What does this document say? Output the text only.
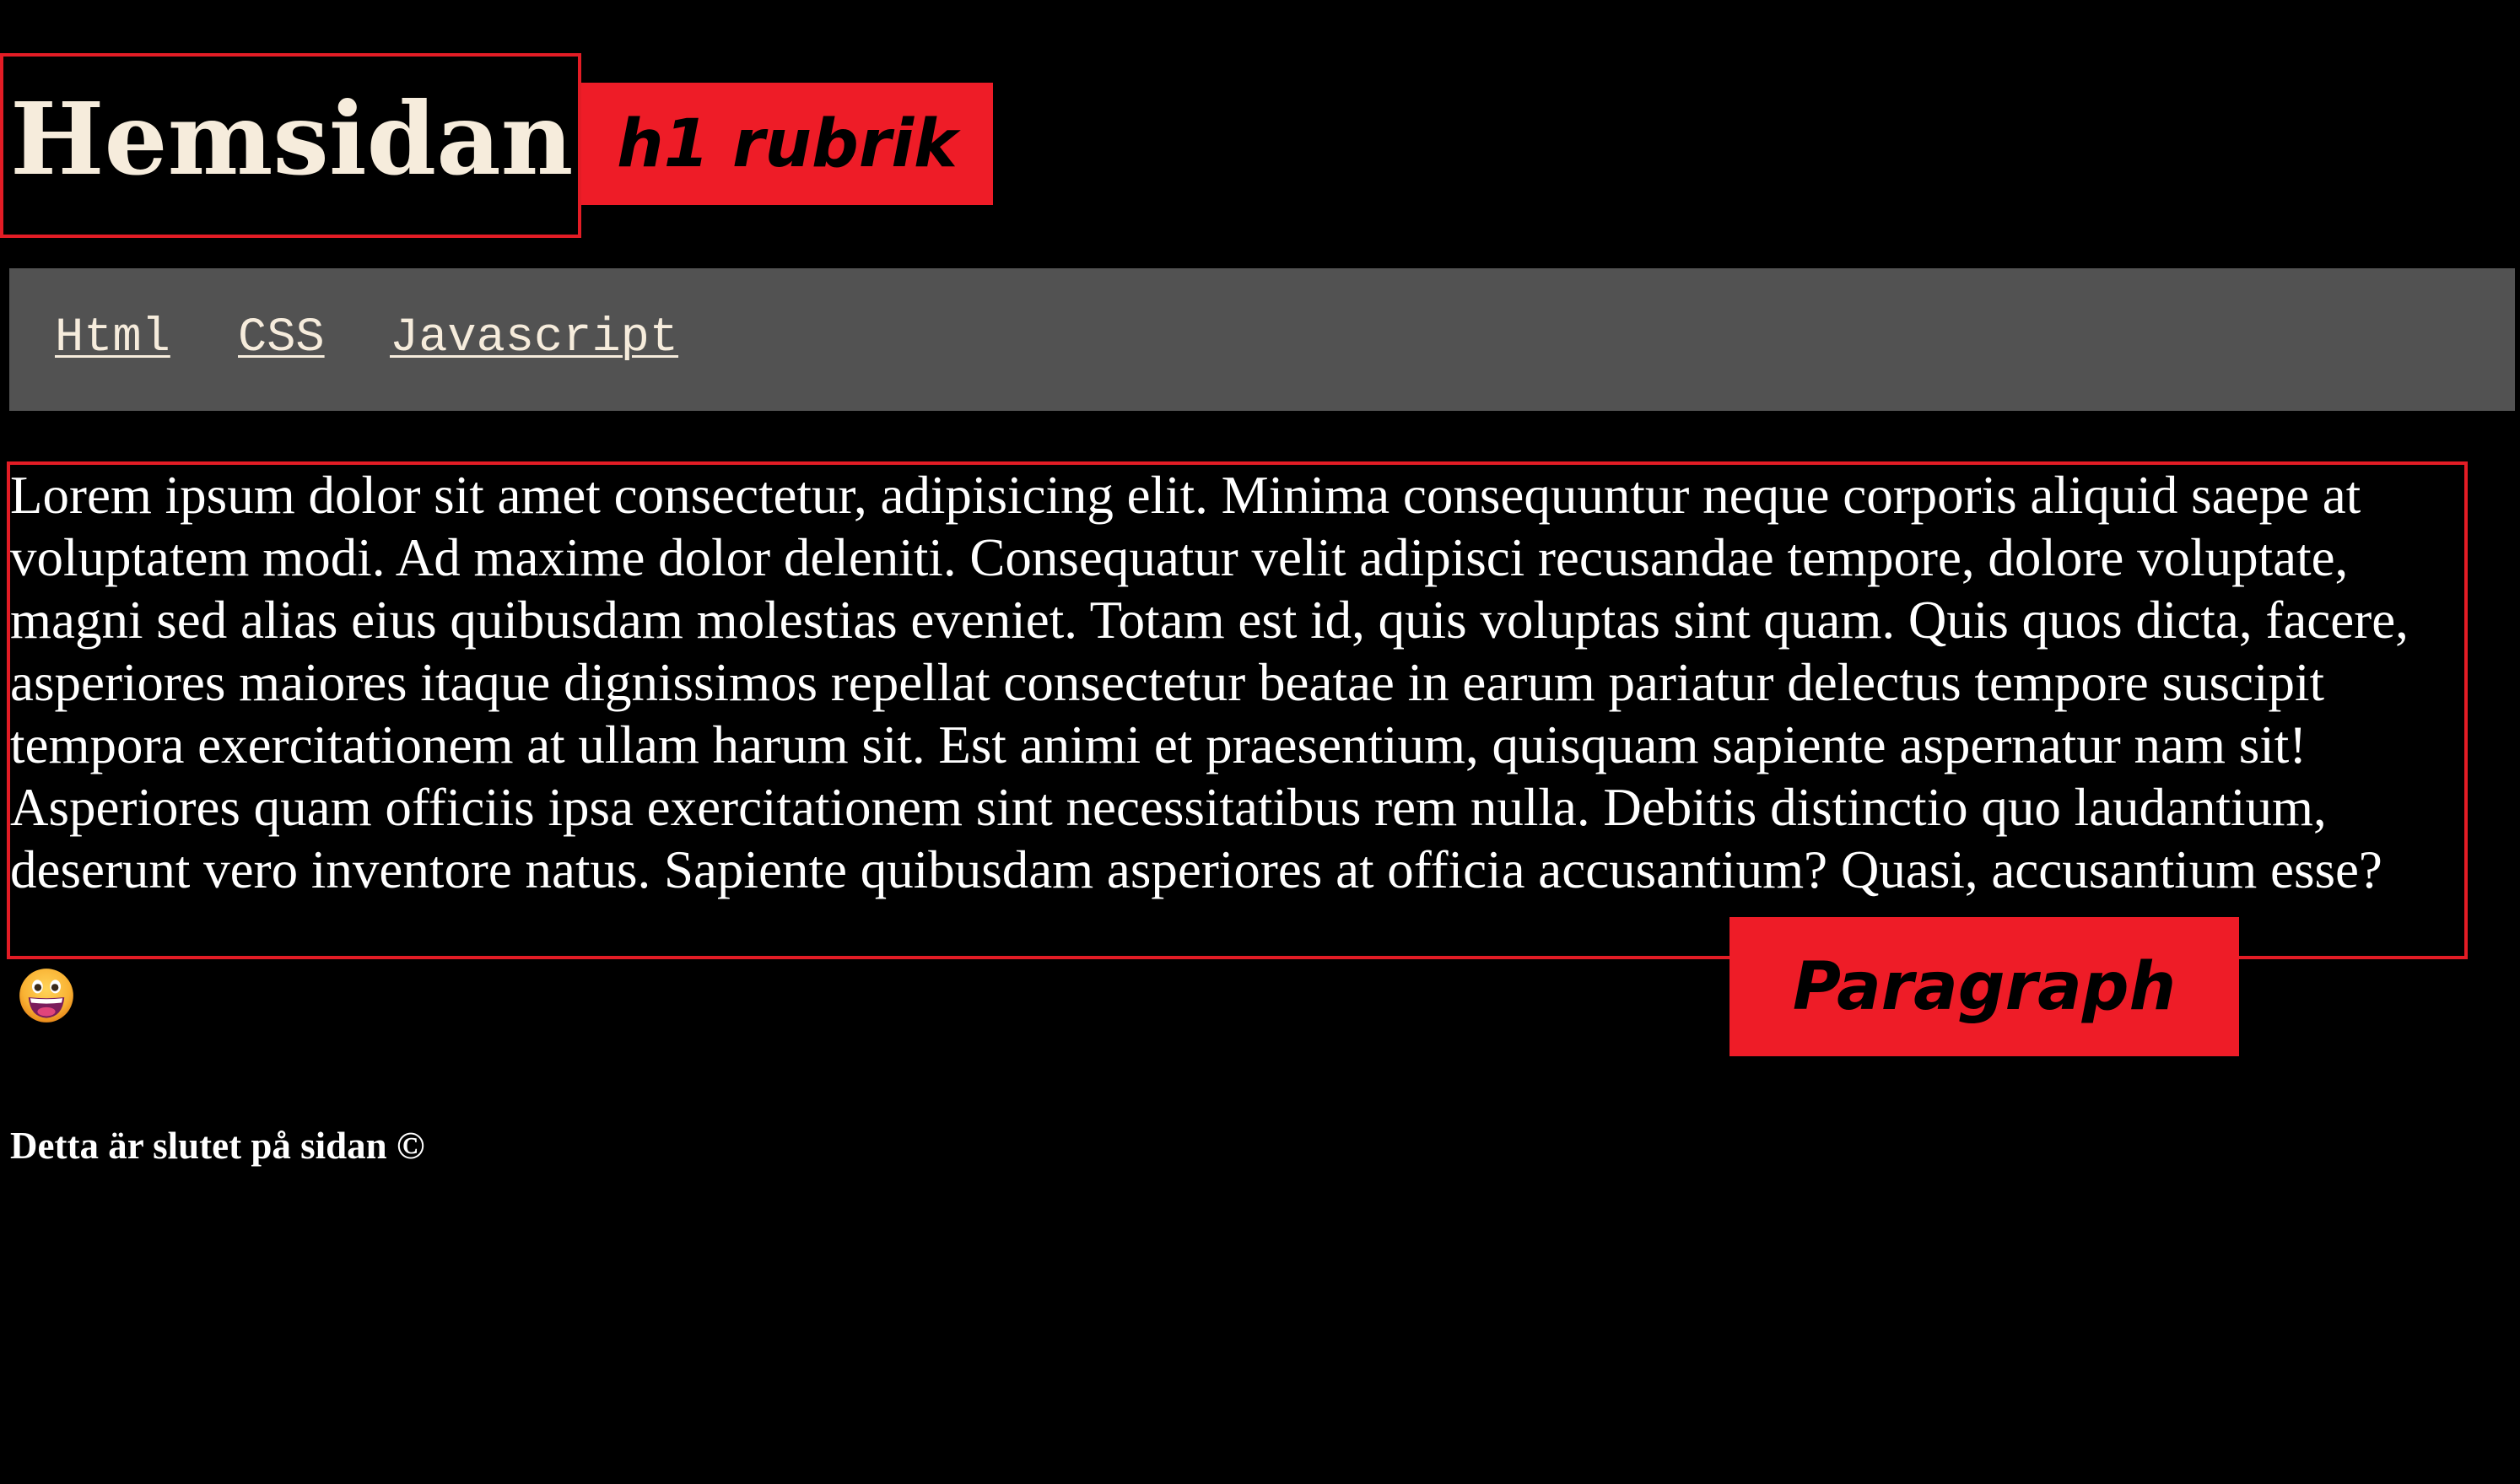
Hemsidan h1 rubrik
Html CSS Javascript

Lorem ipsum dolor sit amet consectetur, adipisicing elit. Minima consequuntur neque corporis aliquid saepe at voluptatem modi. Ad maxime dolor deleniti. Consequatur velit adipisci recusandae tempore, dolore voluptate, magni sed alias eius quibusdam molestias eveniet. Totam est id, quis voluptas sint quam. Quis quos dicta, facere, asperiores maiores itaque dignissimos repellat consectetur beatae in earum pariatur delectus tempore suscipit tempora exercitationem at ullam harum sit. Est animi et praesentium, quisquam sapiente aspernatur nam sit! Asperiores quam officiis ipsa exercitationem sint necessitatibus rem nulla. Debitis distinctio quo laudantium, deserunt vero inventore natus. Sapiente quibusdam asperiores at officia accusantium? Quasi, accusantium esse?

Paragraph

Detta är slutet på sidan ©
